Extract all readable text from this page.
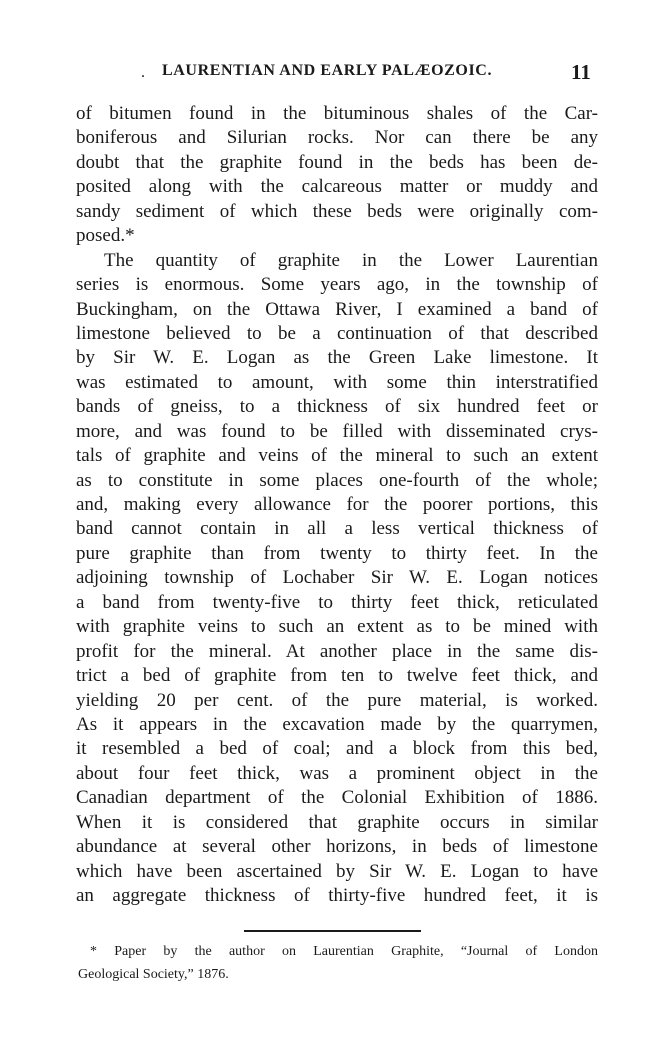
. LAURENTIAN AND EARLY PALÆOZOIC.	11
of bitumen found in the bituminous shales of the Car-
boniferous and Silurian rocks. Nor can there be any
doubt that the graphite found in the beds has been de-
posited along with the calcareous matter or muddy and
sandy sediment of which these beds were originally com-
posed.*
The quantity of graphite in the Lower Laurentian
series is enormous. Some years ago, in the township of
Buckingham, on the Ottawa River, I examined a band of
limestone believed to be a continuation of that described
by Sir W. E. Logan as the Green Lake limestone. It
was estimated to amount, with some thin interstratified
bands of gneiss, to a thickness of six hundred feet or
more, and was found to be filled with disseminated crys-
tals of graphite and veins of the mineral to such an extent
as to constitute in some places one-fourth of the whole;
and, making every allowance for the poorer portions, this
band cannot contain in all a less vertical thickness of
pure graphite than from twenty to thirty feet. In the
adjoining township of Lochaber Sir W. E. Logan notices
a band from twenty-five to thirty feet thick, reticulated
with graphite veins to such an extent as to be mined with
profit for the mineral. At another place in the same dis-
trict a bed of graphite from ten to twelve feet thick, and
yielding 20 per cent. of the pure material, is worked.
As it appears in the excavation made by the quarrymen,
it resembled a bed of coal; and a block from this bed,
about four feet thick, was a prominent object in the
Canadian department of the Colonial Exhibition of 1886.
When it is considered that graphite occurs in similar
abundance at several other horizons, in beds of limestone
which have been ascertained by Sir W. E. Logan to have
an aggregate thickness of thirty-five hundred feet, it is
* Paper by the author on Laurentian Graphite, “Journal of London
Geological Society,” 1876.
